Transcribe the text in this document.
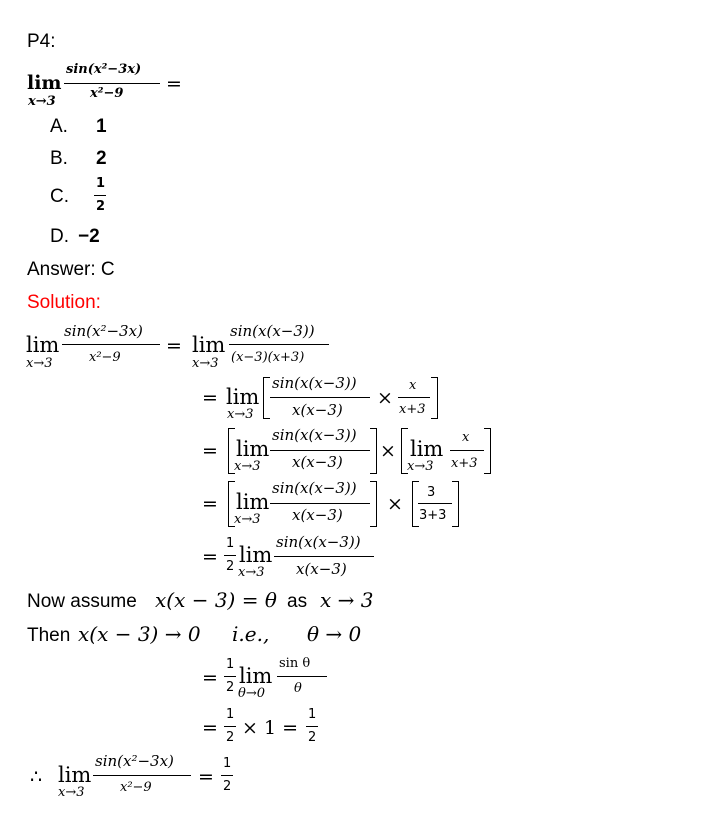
P4:
lim
x→3
sin(x²−3x)
x²−9 =
A. 1
B. 2
C.
1
2
D. −2
Answer: C
Solution:
lim
x→3
sin(x²−3x)
x²−9
= lim
x→3
sin(x(x−3))
(x−3)(x+3)
= lim
x→3
sin(x(x−3))
x(x−3)
×
x
x+3
= lim
x→3
sin(x(x−3))
x(x−3) × lim
x→3
x
x+3
= lim
x→3
sin(x(x−3))
x(x−3) ×
3
3+3
=
1
2 lim
x→3
sin(x(x−3))
x(x−3)
Now assume x(x − 3) = θ as x → 3
Then x(x − 3) → 0 i.e., θ → 0
=
1
2 lim
θ→0
sin θ
θ
=
1
2 × 1 =
1
2
∴ lim
x→3
sin(x²−3x)
x²−9 =
1
2
